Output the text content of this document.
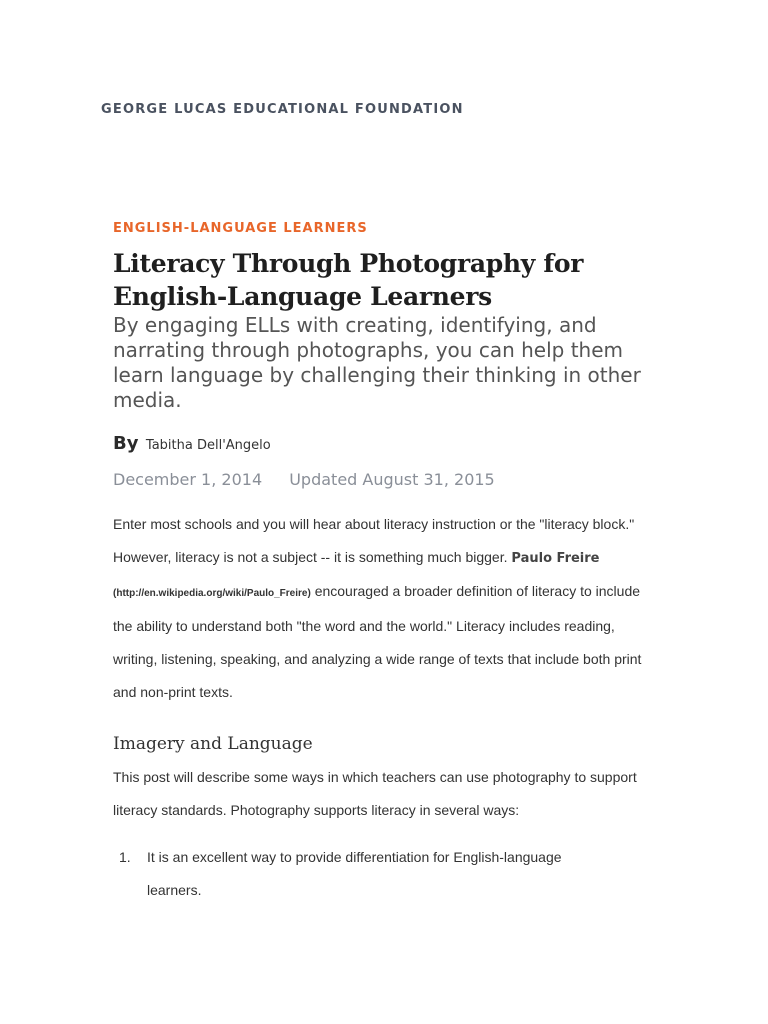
GEORGE LUCAS EDUCATIONAL FOUNDATION

ENGLISH-LANGUAGE LEARNERS

Literacy Through Photography for
English-Language Learners

By engaging ELLs with creating, identifying, and narrating through photographs, you can help them learn language by challenging their thinking in other media.

By Tabitha Dell'Angelo
December 1, 2014 Updated August 31, 2015

Enter most schools and you will hear about literacy instruction or the "literacy block." However, literacy is not a subject -- it is something much bigger. Paulo Freire (http://en.wikipedia.org/wiki/Paulo_Freire) encouraged a broader definition of literacy to include the ability to understand both "the word and the world." Literacy includes reading, writing, listening, speaking, and analyzing a wide range of texts that include both print and non-print texts.

Imagery and Language

This post will describe some ways in which teachers can use photography to support literacy standards. Photography supports literacy in several ways:

1.	It is an excellent way to provide differentiation for English-language learners.
